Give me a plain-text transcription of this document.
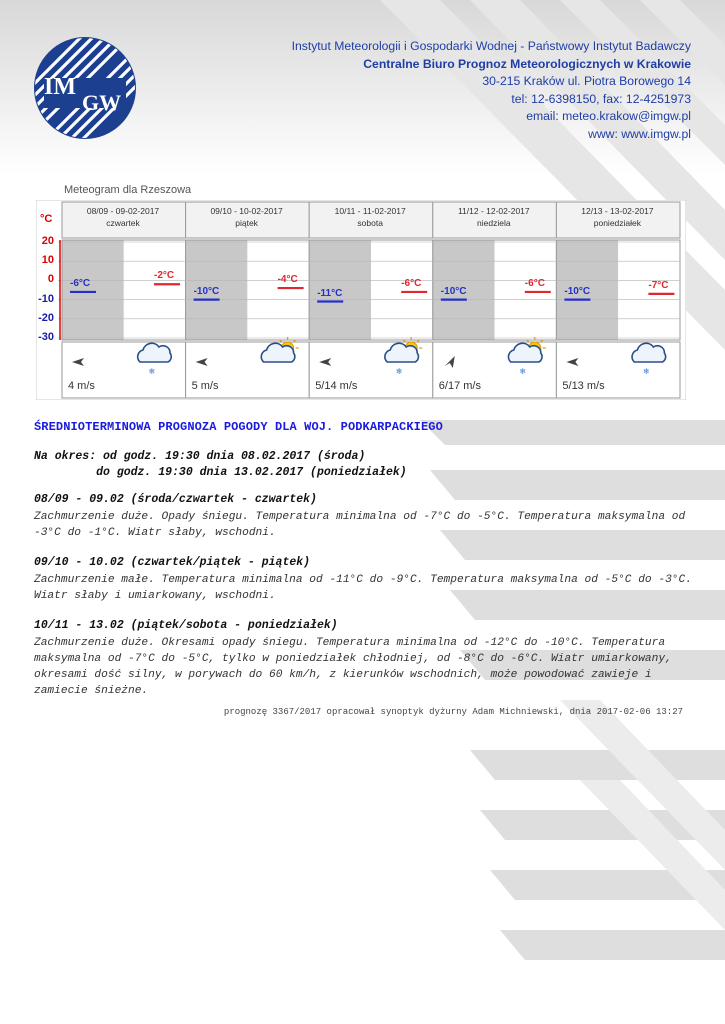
IM
GW
Instytut Meteorologii i Gospodarki Wodnej - Państwowy Instytut Badawczy
Centralne Biuro Prognoz Meteorologicznych w Krakowie
30-215 Kraków ul. Piotra Borowego 14
tel: 12-6398150, fax: 12-4251973
email: meteo.krakow@imgw.pl
www: www.imgw.pl
Meteogram dla Rzeszowa
❄	❄	❄	❄
°C
08/09 - 09-02-2017
czwartek
-6°C
-2°C
4 m/s
09/10 - 10-02-2017
piątek
-10°C
-4°C
5 m/s
10/11 - 11-02-2017
sobota
-11°C
-6°C
5/14 m/s
11/12 - 12-02-2017
niedziela
-10°C
-6°C
6/17 m/s
12/13 - 13-02-2017
poniedziałek
-10°C
-7°C
5/13 m/s
20
10
0
-10
-20
-30
ŚREDNIOTERMINOWA PROGNOZA POGODY DLA WOJ. PODKARPACKIEGO
Na okres: od godz. 19:30 dnia 08.02.2017 (środa)
do godz. 19:30 dnia 13.02.2017 (poniedziałek)
08/09 - 09.02 (środa/czwartek - czwartek)
Zachmurzenie duże. Opady śniegu. Temperatura minimalna od -7°C do -5°C. Temperatura maksymalna od -3°C do -1°C. Wiatr słaby, wschodni.
09/10 - 10.02 (czwartek/piątek - piątek)
Zachmurzenie małe. Temperatura minimalna od -11°C do -9°C. Temperatura maksymalna od -5°C do -3°C. Wiatr słaby i umiarkowany, wschodni.
10/11 - 13.02 (piątek/sobota - poniedziałek)
Zachmurzenie duże. Okresami opady śniegu. Temperatura minimalna od -12°C do -10°C. Temperatura maksymalna od -7°C do -5°C, tylko w poniedziałek chłodniej, od -8°C do -6°C. Wiatr umiarkowany, okresami dość silny, w porywach do 60 km/h, z kierunków wschodnich, może powodować zawieje i zamiecie śnieżne.
prognozę 3367/2017 opracował synoptyk dyżurny Adam Michniewski, dnia 2017-02-06 13:27
